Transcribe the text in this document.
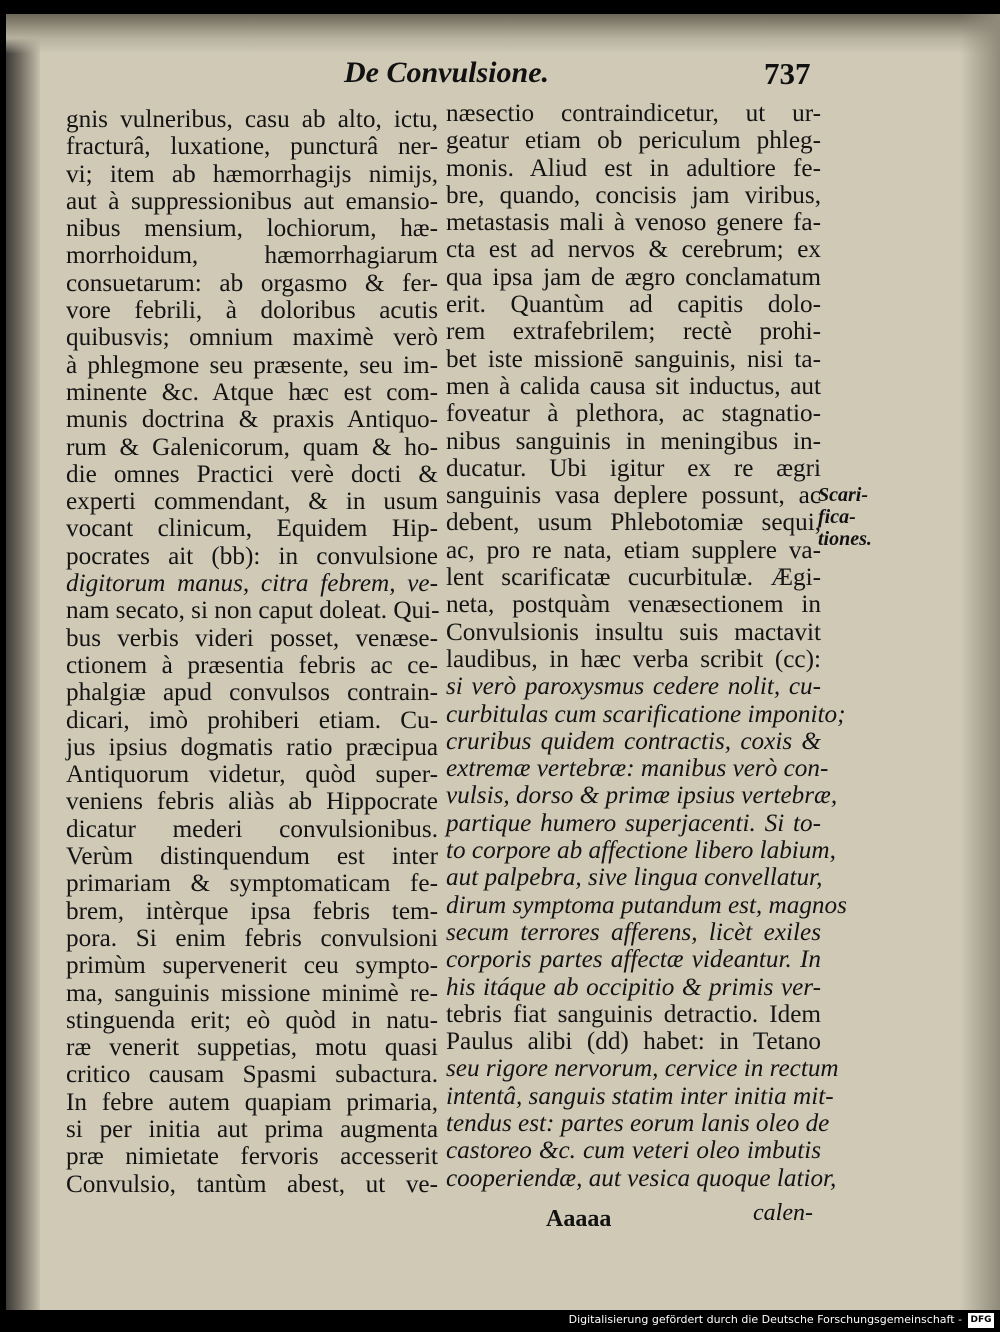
De Convulsione.	737
gnis vulneribus, casu ab alto, ictu,
fracturâ, luxatione, puncturâ ner-
vi; item ab hæmorrhagijs nimijs,
aut à suppressionibus aut emansio-
nibus mensium, lochiorum, hæ-
morrhoidum, hæmorrhagiarum
consuetarum: ab orgasmo & fer-
vore febrili, à doloribus acutis
quibusvis; omnium maximè verò
à phlegmone seu præsente, seu im-
minente &c. Atque hæc est com-
munis doctrina & praxis Antiquo-
rum & Galenicorum, quam & ho-
die omnes Practici verè docti &
experti commendant, & in usum
vocant clinicum, Equidem Hip-
pocrates ait (bb): in convulsione
digitorum manus, citra febrem, ve-
nam secato, si non caput doleat. Qui-
bus verbis videri posset, venæse-
ctionem à præsentia febris ac ce-
phalgiæ apud convulsos contrain-
dicari, imò prohiberi etiam. Cu-
jus ipsius dogmatis ratio præcipua
Antiquorum videtur, quòd super-
veniens febris aliàs ab Hippocrate
dicatur mederi convulsionibus.
Verùm distinquendum est inter
primariam & symptomaticam fe-
brem, intèrque ipsa febris tem-
pora. Si enim febris convulsioni
primùm supervenerit ceu sympto-
ma, sanguinis missione minimè re-
stinguenda erit; eò quòd in natu-
ræ venerit suppetias, motu quasi
critico causam Spasmi subactura.
In febre autem quapiam primaria,
si per initia aut prima augmenta
præ nimietate fervoris accesserit
Convulsio, tantùm abest, ut ve-
næsectio contraindicetur, ut ur-
geatur etiam ob periculum phleg-
monis. Aliud est in adultiore fe-
bre, quando, concisis jam viribus,
metastasis mali à venoso genere fa-
cta est ad nervos & cerebrum; ex
qua ipsa jam de ægro conclamatum
erit. Quantùm ad capitis dolo-
rem extrafebrilem; rectè prohi-
bet iste missionē sanguinis, nisi ta-
men à calida causa sit inductus, aut
foveatur à plethora, ac stagnatio-
nibus sanguinis in meningibus in-
ducatur. Ubi igitur ex re ægri
sanguinis vasa deplere possunt, ac
debent, usum Phlebotomiæ sequi,
ac, pro re nata, etiam supplere va-
lent scarificatæ cucurbitulæ. Ægi-
neta, postquàm venæsectionem in
Convulsionis insultu suis mactavit
laudibus, in hæc verba scribit (cc):
si verò paroxysmus cedere nolit, cu-
curbitulas cum scarificatione imponito;
cruribus quidem contractis, coxis &
extremæ vertebræ: manibus verò con-
vulsis, dorso & primæ ipsius vertebræ,
partique humero superjacenti. Si to-
to corpore ab affectione libero labium,
aut palpebra, sive lingua convellatur,
dirum symptoma putandum est, magnos
secum terrores afferens, licèt exiles
corporis partes affectæ videantur. In
his itáque ab occipitio & primis ver-
tebris fiat sanguinis detractio. Idem
Paulus alibi (dd) habet: in Tetano
seu rigore nervorum, cervice in rectum
intentâ, sanguis statim inter initia mit-
tendus est: partes eorum lanis oleo de
castoreo &c. cum veteri oleo imbutis
cooperiendæ, aut vesica quoque latior,
Scari-
fica-
tiones.
Aaaaa	calen-
Digitalisierung gefördert durch die Deutsche Forschungsgemeinschaft - DFG
